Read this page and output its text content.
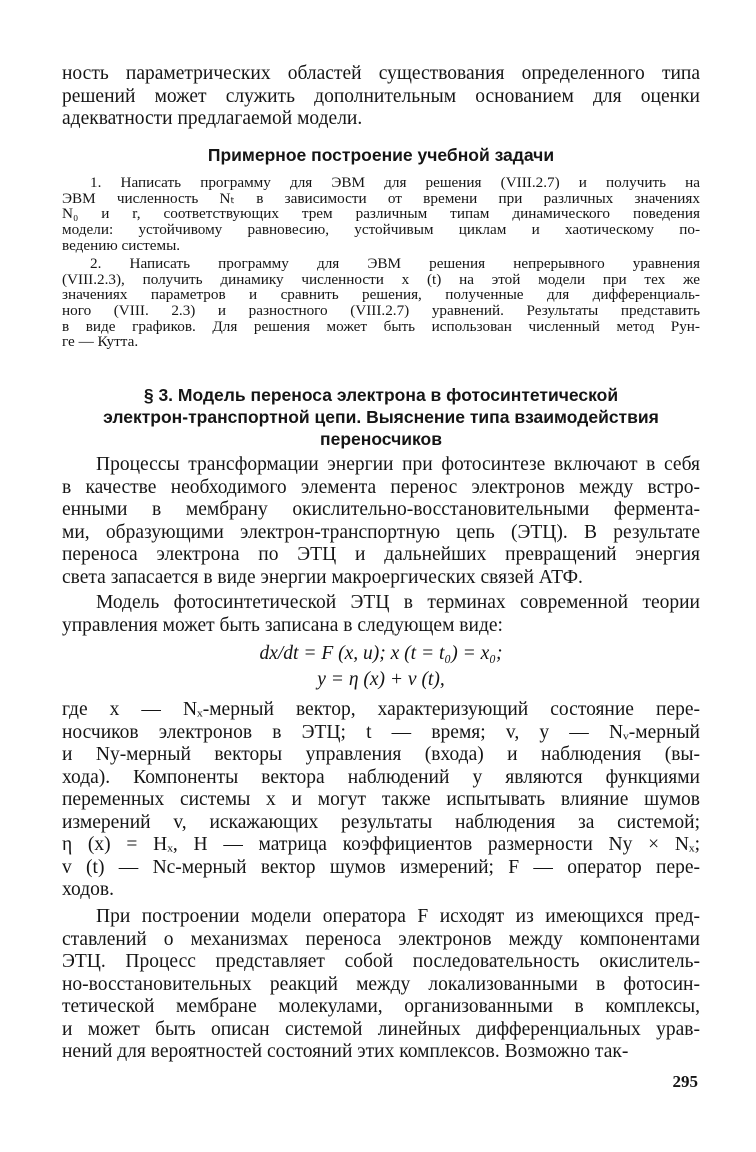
ность параметрических областей существования определенного типа
решений может служить дополнительным основанием для оценки
адекватности предлагаемой модели.
Примерное построение учебной задачи
1. Написать программу для ЭВМ для решения (VIII.2.7) и получить на
ЭВМ численность Nₜ в зависимости от времени при различных значениях
N₀ и r, соответствующих трем различным типам динамического поведения
модели: устойчивому равновесию, устойчивым циклам и хаотическому по-
ведению системы.
2. Написать программу для ЭВМ решения непрерывного уравнения
(VIII.2.3), получить динамику численности x (t) на этой модели при тех же
значениях параметров и сравнить решения, полученные для дифференциаль-
ного (VIII. 2.3) и разностного (VIII.2.7) уравнений. Результаты представить
в виде графиков. Для решения может быть использован численный метод Рун-
ге — Кутта.
§ 3. Модель переноса электрона в фотосинтетической
электрон-транспортной цепи. Выяснение типа взаимодействия
переносчиков
Процессы трансформации энергии при фотосинтезе включают в себя
в качестве необходимого элемента перенос электронов между встро-
енными в мембрану окислительно-восстановительными фермента-
ми, образующими электрон-транспортную цепь (ЭТЦ). В результате
переноса электрона по ЭТЦ и дальнейших превращений энергия
света запасается в виде энергии макроергических связей АТФ.
Модель фотосинтетической ЭТЦ в терминах современной теории
управления может быть записана в следующем виде:
где x — Nₓ-мерный вектор, характеризующий состояние пере-
носчиков электронов в ЭТЦ; t — время; v, y — Nᵥ-мерный
и Ny-мерный векторы управления (входа) и наблюдения (вы-
хода). Компоненты вектора наблюдений y являются функциями
переменных системы x и могут также испытывать влияние шумов
измерений v, искажающих результаты наблюдения за системой;
η (x) = Hₓ, H — матрица коэффициентов размерности Ny × Nₓ;
v (t) — Nc-мерный вектор шумов измерений; F — оператор пере-
ходов.
При построении модели оператора F исходят из имеющихся пред-
ставлений о механизмах переноса электронов между компонентами
ЭТЦ. Процесс представляет собой последовательность окислитель-
но-восстановительных реакций между локализованными в фотосин-
тетической мембране молекулами, организованными в комплексы,
и может быть описан системой линейных дифференциальных урав-
нений для вероятностей состояний этих комплексов. Возможно так-
dx/dt = F (x, u); x (t = t₀) = x₀;
y = η (x) + v (t),
295
